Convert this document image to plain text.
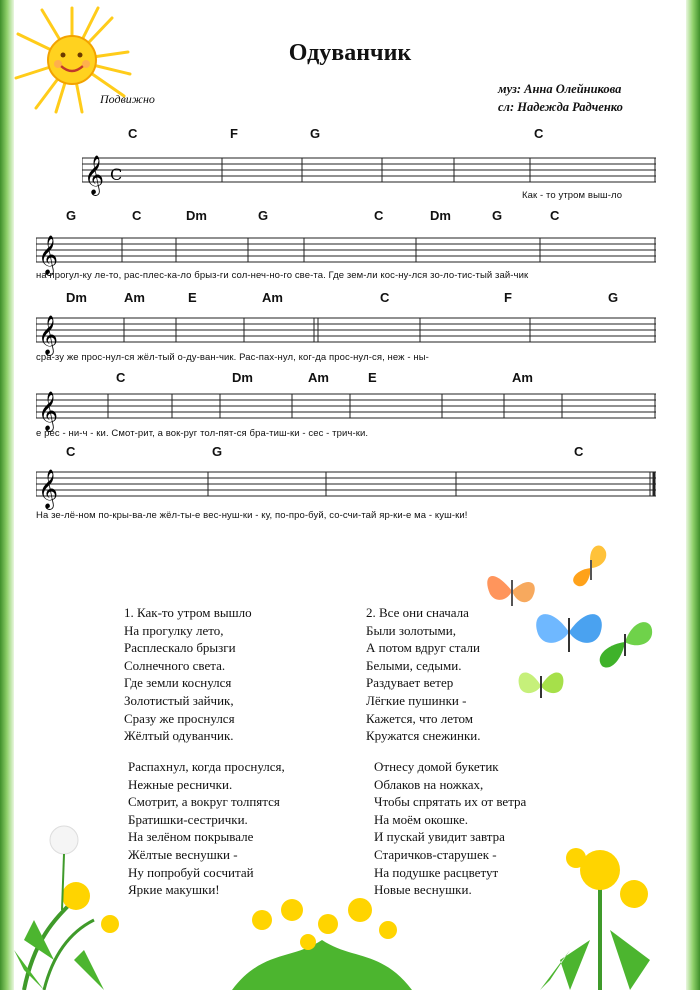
Одуванчик
Подвижно
муз: Анна Олейникова
сл: Надежда Радченко
C	F	G	C
𝄞 C
Как - то утром выш-ло
G	C	Dm	G	C	Dm	G	C
𝄞
на прогул-ку ле-то, рас-плес-ка-ло брыз-ги сол-неч-но-го све-та. Где зем-ли кос-ну-лся зо-ло-тис-тый зай-чик
Dm	Am	E	Am	C	F	G
𝄞
сра-зу же прос-нул-ся жёл-тый о-ду-ван-чик. Рас-пах-нул, ког-да прос-нул-ся, неж - ны-
C	Dm	Am	E	Am
𝄞
е рес - ни-ч - ки. Смот-рит, а вок-руг тол-пят-ся бра-тиш-ки - сес - трич-ки.
C	G	C
𝄞
На зе-лё-ном по-кры-ва-ле жёл-ты-е вес-нуш-ки - ку, по-про-буй, со-счи-тай яр-ки-е ма - куш-ки!
1. Как-то утром вышло
На прогулку лето,
Расплескало брызги
Солнечного света.
Где земли коснулся
Золотистый зайчик,
Сразу же проснулся
Жёлтый одуванчик.
Распахнул, когда проснулся,
Нежные реснички.
Смотрит, а вокруг толпятся
Братишки-сестрички.
На зелёном покрывале
Жёлтые веснушки -
Ну попробуй сосчитай
Яркие макушки!
2. Все они сначала
Были золотыми,
А потом вдруг стали
Белыми, седыми.
Раздувает ветер
Лёгкие пушинки -
Кажется, что летом
Кружатся снежинки.
Отнесу домой букетик
Облаков на ножках,
Чтобы спрятать их от ветра
На моём окошке.
И пускай увидит завтра
Старичков-старушек -
На подушке расцветут
Новые веснушки.
